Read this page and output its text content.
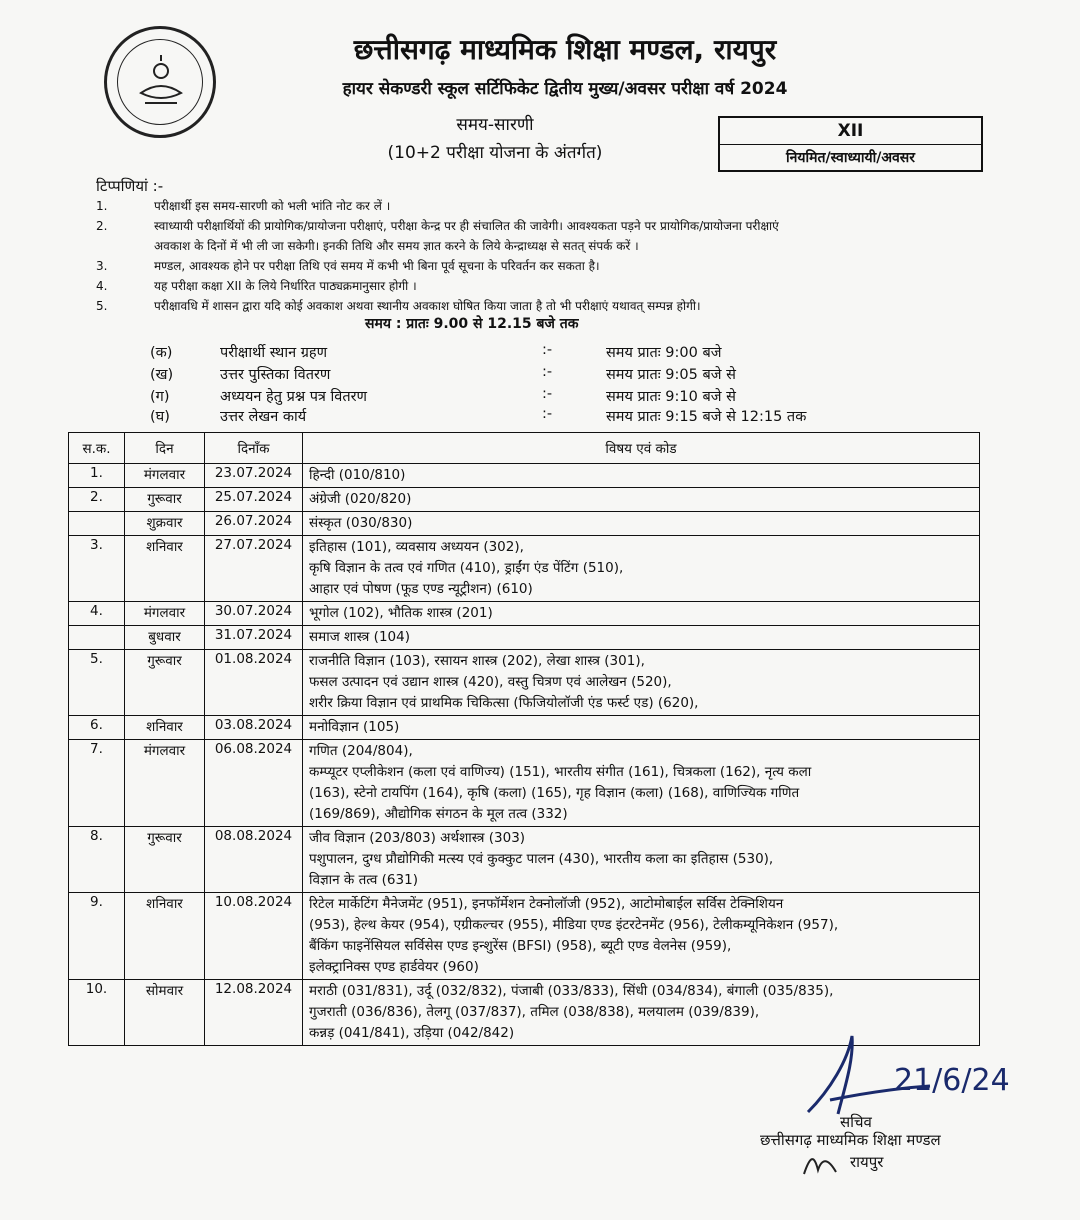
छत्तीसगढ़ माध्यमिक शिक्षा मण्डल, रायपुर
हायर सेकण्डरी स्कूल सर्टिफिकेट द्वितीय मुख्य/अवसर परीक्षा वर्ष 2024
समय-सारणी
(10+2 परीक्षा योजना के अंतर्गत)
XII
नियमित/स्वाध्यायी/अवसर
टिप्पणियां :-
1.	परीक्षार्थी इस समय-सारणी को भली भांति नोट कर लें ।
2.	स्वाध्यायी परीक्षार्थियों की प्रायोगिक/प्रायोजना परीक्षाएं, परीक्षा केन्द्र पर ही संचालित की जावेगी। आवश्यकता पड़ने पर प्रायोगिक/प्रायोजना परीक्षाएं
अवकाश के दिनों में भी ली जा सकेगी। इनकी तिथि और समय ज्ञात करने के लिये केन्द्राध्यक्ष से सतत् संपर्क करें ।
3.	मण्डल, आवश्यक होने पर परीक्षा तिथि एवं समय में कभी भी बिना पूर्व सूचना के परिवर्तन कर सकता है।
4.	यह परीक्षा कक्षा XII के लिये निर्धारित पाठ्यक्रमानुसार होगी ।
5.	परीक्षावधि में शासन द्वारा यदि कोई अवकाश अथवा स्थानीय अवकाश घोषित किया जाता है तो भी परीक्षाएं यथावत् सम्पन्न होगी।
समय : प्रातः 9.00 से 12.15 बजे तक
(क)	परीक्षार्थी स्थान ग्रहण	:-	समय प्रातः 9:00 बजे
(ख)	उत्तर पुस्तिका वितरण	:-	समय प्रातः 9:05 बजे से
(ग)	अध्ययन हेतु प्रश्न पत्र वितरण	:-	समय प्रातः 9:10 बजे से
(घ)	उत्तर लेखन कार्य	:-	समय प्रातः 9:15 बजे से 12:15 तक
स.क.	दिन	दिनाँक	विषय एवं कोड
1.	मंगलवार	23.07.2024	हिन्दी (010/810)

2.	गुरूवार	25.07.2024	अंग्रेजी (020/820)

	शुक्रवार	26.07.2024	संस्कृत (030/830)

3.	शनिवार	27.07.2024	इतिहास (101), व्यवसाय अध्ययन (302),
कृषि विज्ञान के तत्व एवं गणित (410), ड्राईंग एंड पेंटिंग (510),
आहार एवं पोषण (फूड एण्ड न्यूट्रीशन) (610)

4.	मंगलवार	30.07.2024	भूगोल (102), भौतिक शास्त्र (201)

	बुधवार	31.07.2024	समाज शास्त्र (104)

5.	गुरूवार	01.08.2024	राजनीति विज्ञान (103), रसायन शास्त्र (202), लेखा शास्त्र (301),
फसल उत्पादन एवं उद्यान शास्त्र (420), वस्तु चित्रण एवं आलेखन (520),
शरीर क्रिया विज्ञान एवं प्राथमिक चिकित्सा (फिजियोलॉजी एंड फर्स्ट एड) (620),

6.	शनिवार	03.08.2024	मनोविज्ञान (105)

7.	मंगलवार	06.08.2024	गणित (204/804),
कम्प्यूटर एप्लीकेशन (कला एवं वाणिज्य) (151), भारतीय संगीत (161), चित्रकला (162), नृत्य कला
(163), स्टेनो टायपिंग (164), कृषि (कला) (165), गृह विज्ञान (कला) (168), वाणिज्यिक गणित
(169/869), औद्योगिक संगठन के मूल तत्व (332)

8.	गुरूवार	08.08.2024	जीव विज्ञान (203/803) अर्थशास्त्र (303)
पशुपालन, दुग्ध प्रौद्योगिकी मत्स्य एवं कुक्कुट पालन (430), भारतीय कला का इतिहास (530),
विज्ञान के तत्व (631)

9.	शनिवार	10.08.2024	रिटेल मार्केटिंग मैनेजमेंट (951), इनफॉर्मेशन टेक्नोलॉजी (952), आटोमोबाईल सर्विस टेक्निशियन
(953), हेल्थ केयर (954), एग्रीकल्चर (955), मीडिया एण्ड इंटरटेनमेंट (956), टेलीकम्यूनिकेशन (957),
बैंकिंग फाइनेंसियल सर्विसेस एण्ड इन्शुरेंस (BFSI) (958), ब्यूटी एण्ड वेलनेस (959),
इलेक्ट्रानिक्स एण्ड हार्डवेयर (960)

10.	सोमवार	12.08.2024	मराठी (031/831), उर्दू (032/832), पंजाबी (033/833), सिंधी (034/834), बंगाली (035/835),
गुजराती (036/836), तेलगू (037/837), तमिल (038/838), मलयालम (039/839),
कन्नड़ (041/841), उड़िया (042/842)
21/6/24
सचिव
छत्तीसगढ़ माध्यमिक शिक्षा मण्डल
रायपुर
